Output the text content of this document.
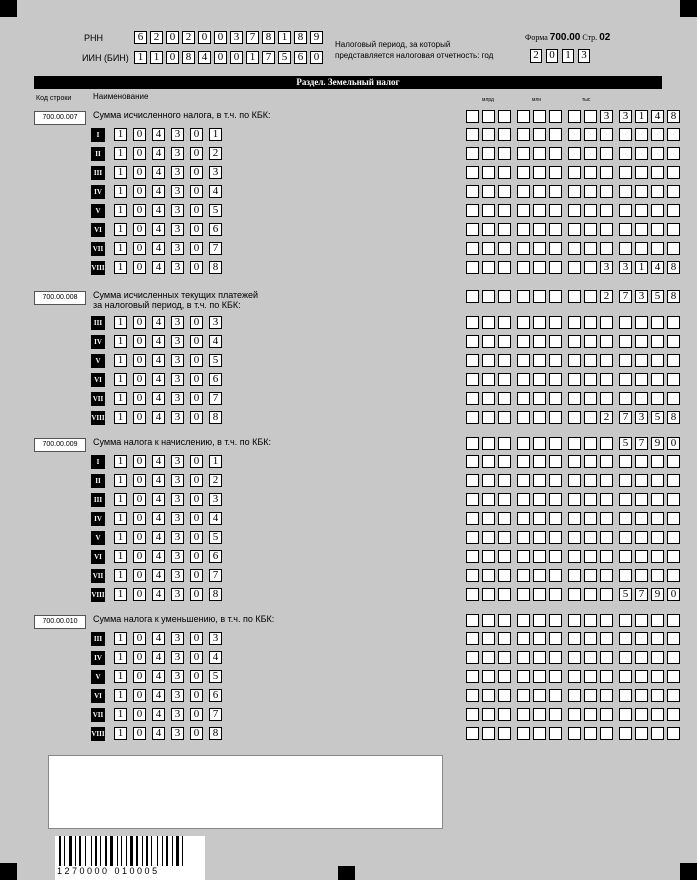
РНН	6 2 0 2 0 0 3 7 8 1 8 9
ИИН (БИН) 1 1 0 8 4 0 0 1 7 5 6 0
Налоговый период, за который
представляется налоговая отчетность: год	2 0 1 3
Форма 700.00 Стр. 02
Раздел. Земельный налог
Код строки	Наименование	млрд	млн	тыс
700.00.007	Сумма исчисленного налога, в т.ч. по КБК:	3	3 1 4 8
I	1	0	4	3	0	1
II	1	0	4	3	0	2
III	1	0	4	3	0	3
IV	1	0	4	3	0	4
V	1	0	4	3	0	5
VI	1	0	4	3	0	6
VII	1	0	4	3	0	7
VIII	1	0	4	3	0	8	3	3 1 4 8
700.00.008	Сумма исчисленных текущих платежей
за налоговый период, в т.ч. по КБК:
2	7 3 5 8
III	1	0	4	3	0	3
IV	1	0	4	3	0	4
V	1	0	4	3	0	5
VI	1	0	4	3	0	6
VII	1	0	4	3	0	7
VIII	1	0	4	3	0	8	2	7 3 5 8
700.00.009	Сумма налога к начислению, в т.ч. по КБК:	5 7 9 0
I	1	0	4	3	0	1
II	1	0	4	3	0	2
III	1	0	4	3	0	3
IV	1	0	4	3	0	4
V	1	0	4	3	0	5
VI	1	0	4	3	0	6
VII	1	0	4	3	0	7
VIII	1	0	4	3	0	8	5 7 9 0
700.00.010	Сумма налога к уменьшению, в т.ч. по КБК:
III	1	0	4	3	0	3
IV	1	0	4	3	0	4
V	1	0	4	3	0	5
VI	1	0	4	3	0	6
VII	1	0	4	3	0	7
VIII	1	0	4	3	0	8
1270000 010005
